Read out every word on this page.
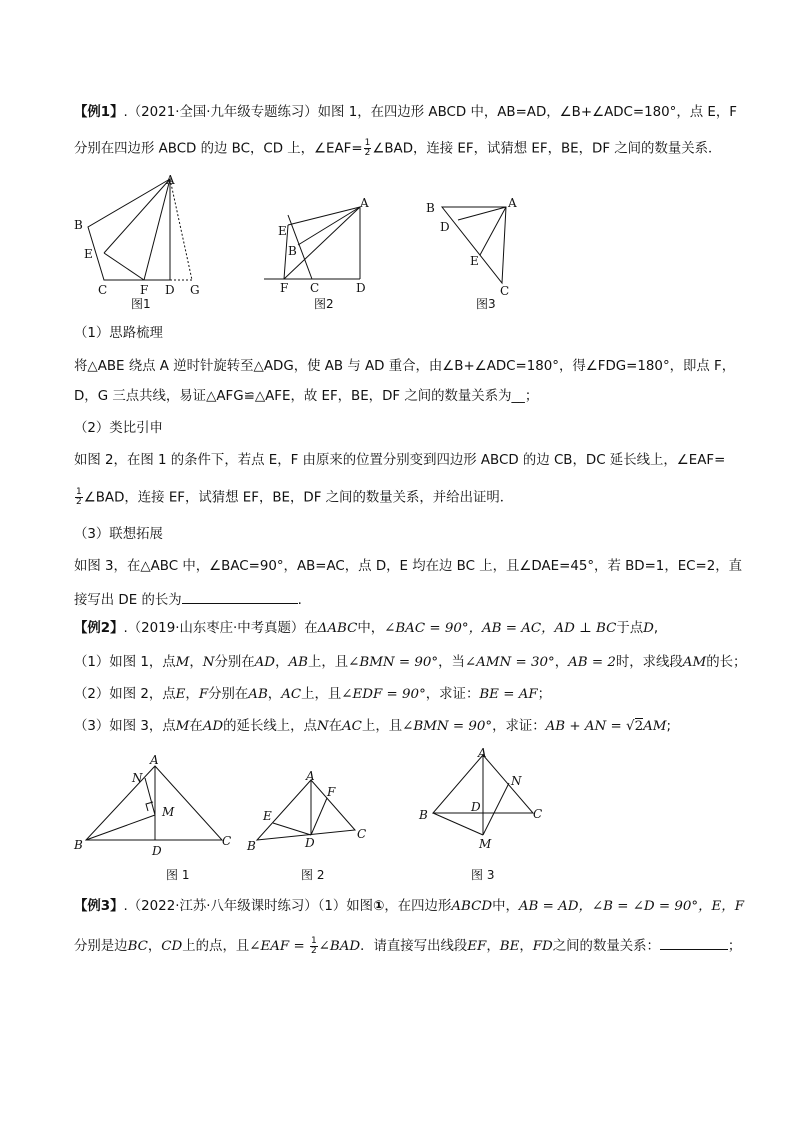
【例1】.（2021·全国·九年级专题练习）如图 1，在四边形 ABCD 中，AB=AD，∠B+∠ADC=180°，点 E，F
分别在四边形 ABCD 的边 BC，CD 上，∠EAF= $\frac{1}{2}$ ∠BAD，连接 EF，试猜想 EF，BE，DF 之间的数量关系．
A
B
E
C	F D G
图1
A
E
B
F C	D
图2
B	A
D
E
C
图3
（1）思路梳理
将△ABE 绕点 A 逆时针旋转至△ADG，使 AB 与 AD 重合，由∠B+∠ADC=180°，得∠FDG=180°，即点 F，
D，G 三点共线，易证△AFG≌△AFE，故 EF，BE，DF 之间的数量关系为__；
（2）类比引申
如图 2，在图 1 的条件下，若点 E，F 由原来的位置分别变到四边形 ABCD 的边 CB，DC 延长线上，∠EAF=
$\frac{1}{2}$ ∠BAD，连接 EF，试猜想 EF，BE，DF 之间的数量关系，并给出证明．
（3）联想拓展
如图 3，在△ABC 中，∠BAC=90°，AB=AC，点 D，E 均在边 BC 上，且∠DAE=45°，若 BD=1，EC=2，直
接写出 DE 的长为	.
【例2】.（2019·山东枣庄·中考真题）在ΔABC中，∠BAC = 90°，AB = AC，AD ⊥ BC于点D,
（1）如图 1，点M，N分别在AD，AB上，且∠BMN = 90°，当∠AMN = 30°，AB = 2时，求线段AM的长；
（2）如图 2，点E，F分别在AB，AC上，且∠EDF = 90°，求证：BE = AF；
（3）如图 3，点M在AD的延长线上，点N在AC上，且∠BMN = 90°，求证：AB + AN = √2AM;
A
N
M
B	D
C
图 1
A
F
E
B	D
C
图 2
A
N
D
B	C
M
图 3
【例3】.（2022·江苏·八年级课时练习）（1）如图①，在四边形ABCD中，AB = AD，∠B = ∠D = 90°，E，F
分别是边BC，CD上的点，且∠EAF = $\frac{1}{2}$ ∠BAD．请直接写出线段EF，BE，FD之间的数量关系：	；
